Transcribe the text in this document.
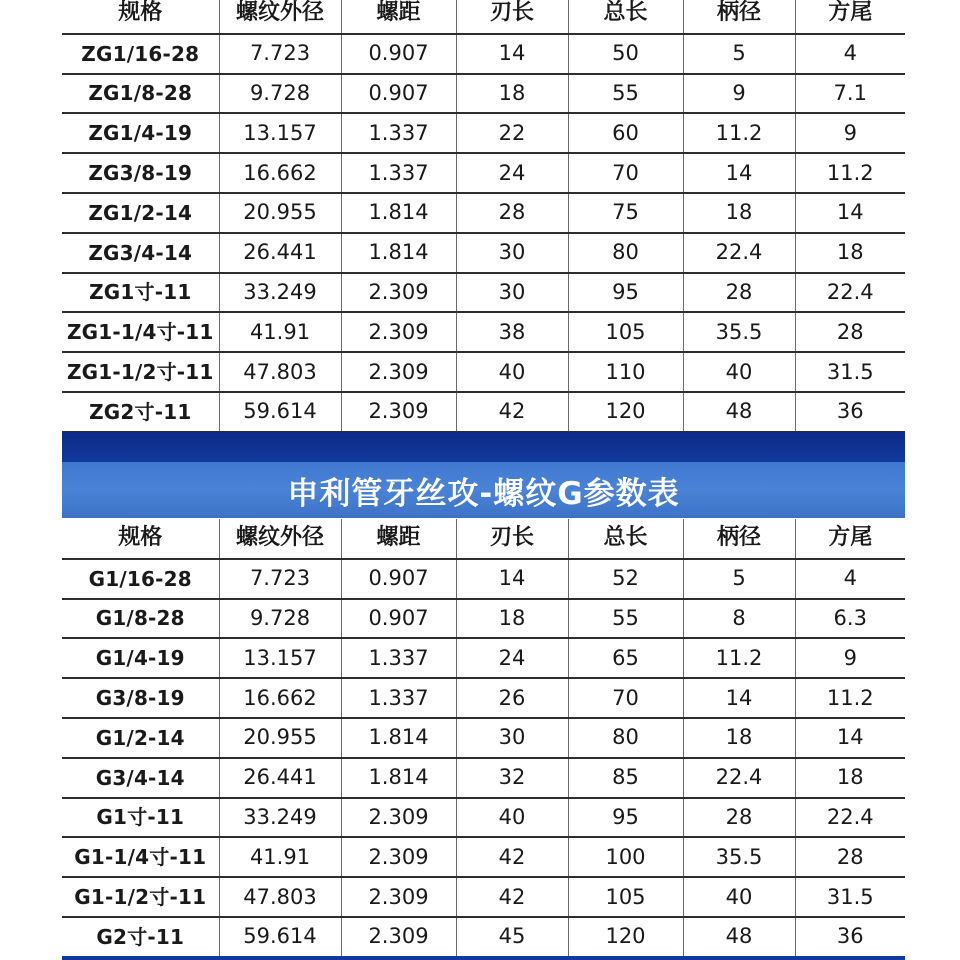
规格	螺纹外径	螺距	刃长	总长	柄径	方尾
ZG1/16-28	7.723	0.907	14	50	5	4
ZG1/8-28	9.728	0.907	18	55	9	7.1
ZG1/4-19	13.157	1.337	22	60	11.2	9
ZG3/8-19	16.662	1.337	24	70	14	11.2
ZG1/2-14	20.955	1.814	28	75	18	14
ZG3/4-14	26.441	1.814	30	80	22.4	18
ZG1寸-11	33.249	2.309	30	95	28	22.4
ZG1-1/4寸-11	41.91	2.309	38	105	35.5	28
ZG1-1/2寸-11	47.803	2.309	40	110	40	31.5
ZG2寸-11	59.614	2.309	42	120	48	36
申利管牙丝攻-螺纹G参数表
规格	螺纹外径	螺距	刃长	总长	柄径	方尾
G1/16-28	7.723	0.907	14	52	5	4
G1/8-28	9.728	0.907	18	55	8	6.3
G1/4-19	13.157	1.337	24	65	11.2	9
G3/8-19	16.662	1.337	26	70	14	11.2
G1/2-14	20.955	1.814	30	80	18	14
G3/4-14	26.441	1.814	32	85	22.4	18
G1寸-11	33.249	2.309	40	95	28	22.4
G1-1/4寸-11	41.91	2.309	42	100	35.5	28
G1-1/2寸-11	47.803	2.309	42	105	40	31.5
G2寸-11	59.614	2.309	45	120	48	36
